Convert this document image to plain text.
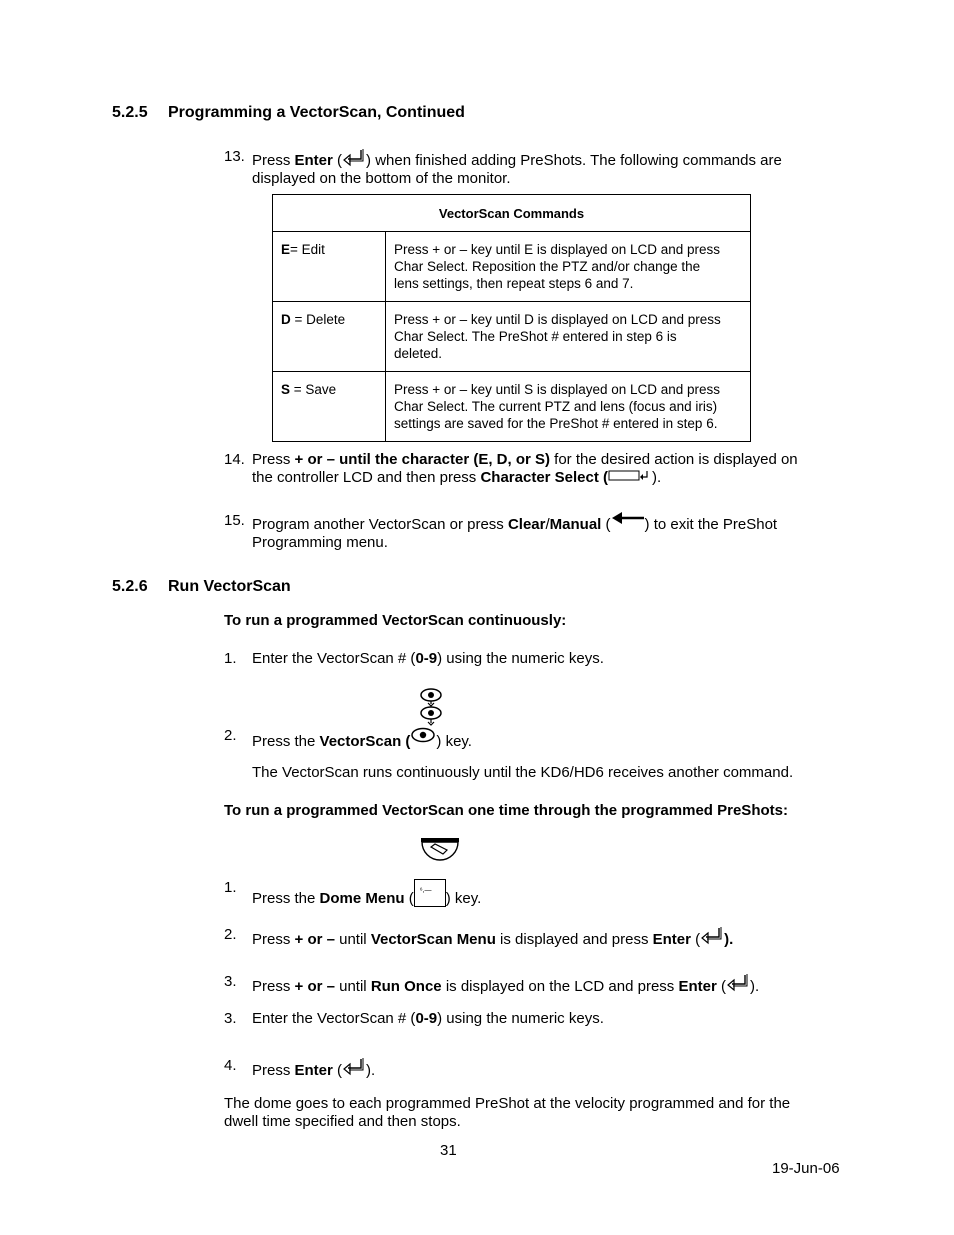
5.2.5 Programming a VectorScan, Continued
13. Press Enter ( ) when finished adding PreShots. The following commands are
displayed on the bottom of the monitor.
VectorScan Commands	
E= Edit	Press + or – key until E is displayed on LCD and press
Char Select. Reposition the PTZ and/or change the
lens settings, then repeat steps 6 and 7.
D = Delete	Press + or – key until D is displayed on LCD and press
Char Select. The PreShot # entered in step 6 is
deleted.
S = Save	Press + or – key until S is displayed on LCD and press
Char Select. The current PTZ and lens (focus and iris)
settings are saved for the PreShot # entered in step 6.
14. Press + or – until the character (E, D, or S) for the desired action is displayed on
the controller LCD and then press Character Select (	).
15. Program another VectorScan or press Clear/Manual ( ) to exit the PreShot
Programming menu.
5.2.6 Run VectorScan
To run a programmed VectorScan continuously:
1. Enter the VectorScan # (0-9) using the numeric keys.
2. Press the VectorScan ( ) key.
The VectorScan runs continuously until the KD6/HD6 receives another command.
To run a programmed VectorScan one time through the programmed PreShots:
1.
Press the Dome Menu ( ⁶,— ) key.
2. Press + or – until VectorScan Menu is displayed and press Enter ( ).
3. Press + or – until Run Once is displayed on the LCD and press Enter ( ).
3. Enter the VectorScan # (0-9) using the numeric keys.
4. Press Enter ( ).
The dome goes to each programmed PreShot at the velocity programmed and for the
dwell time specified and then stops.
31
19-Jun-06
